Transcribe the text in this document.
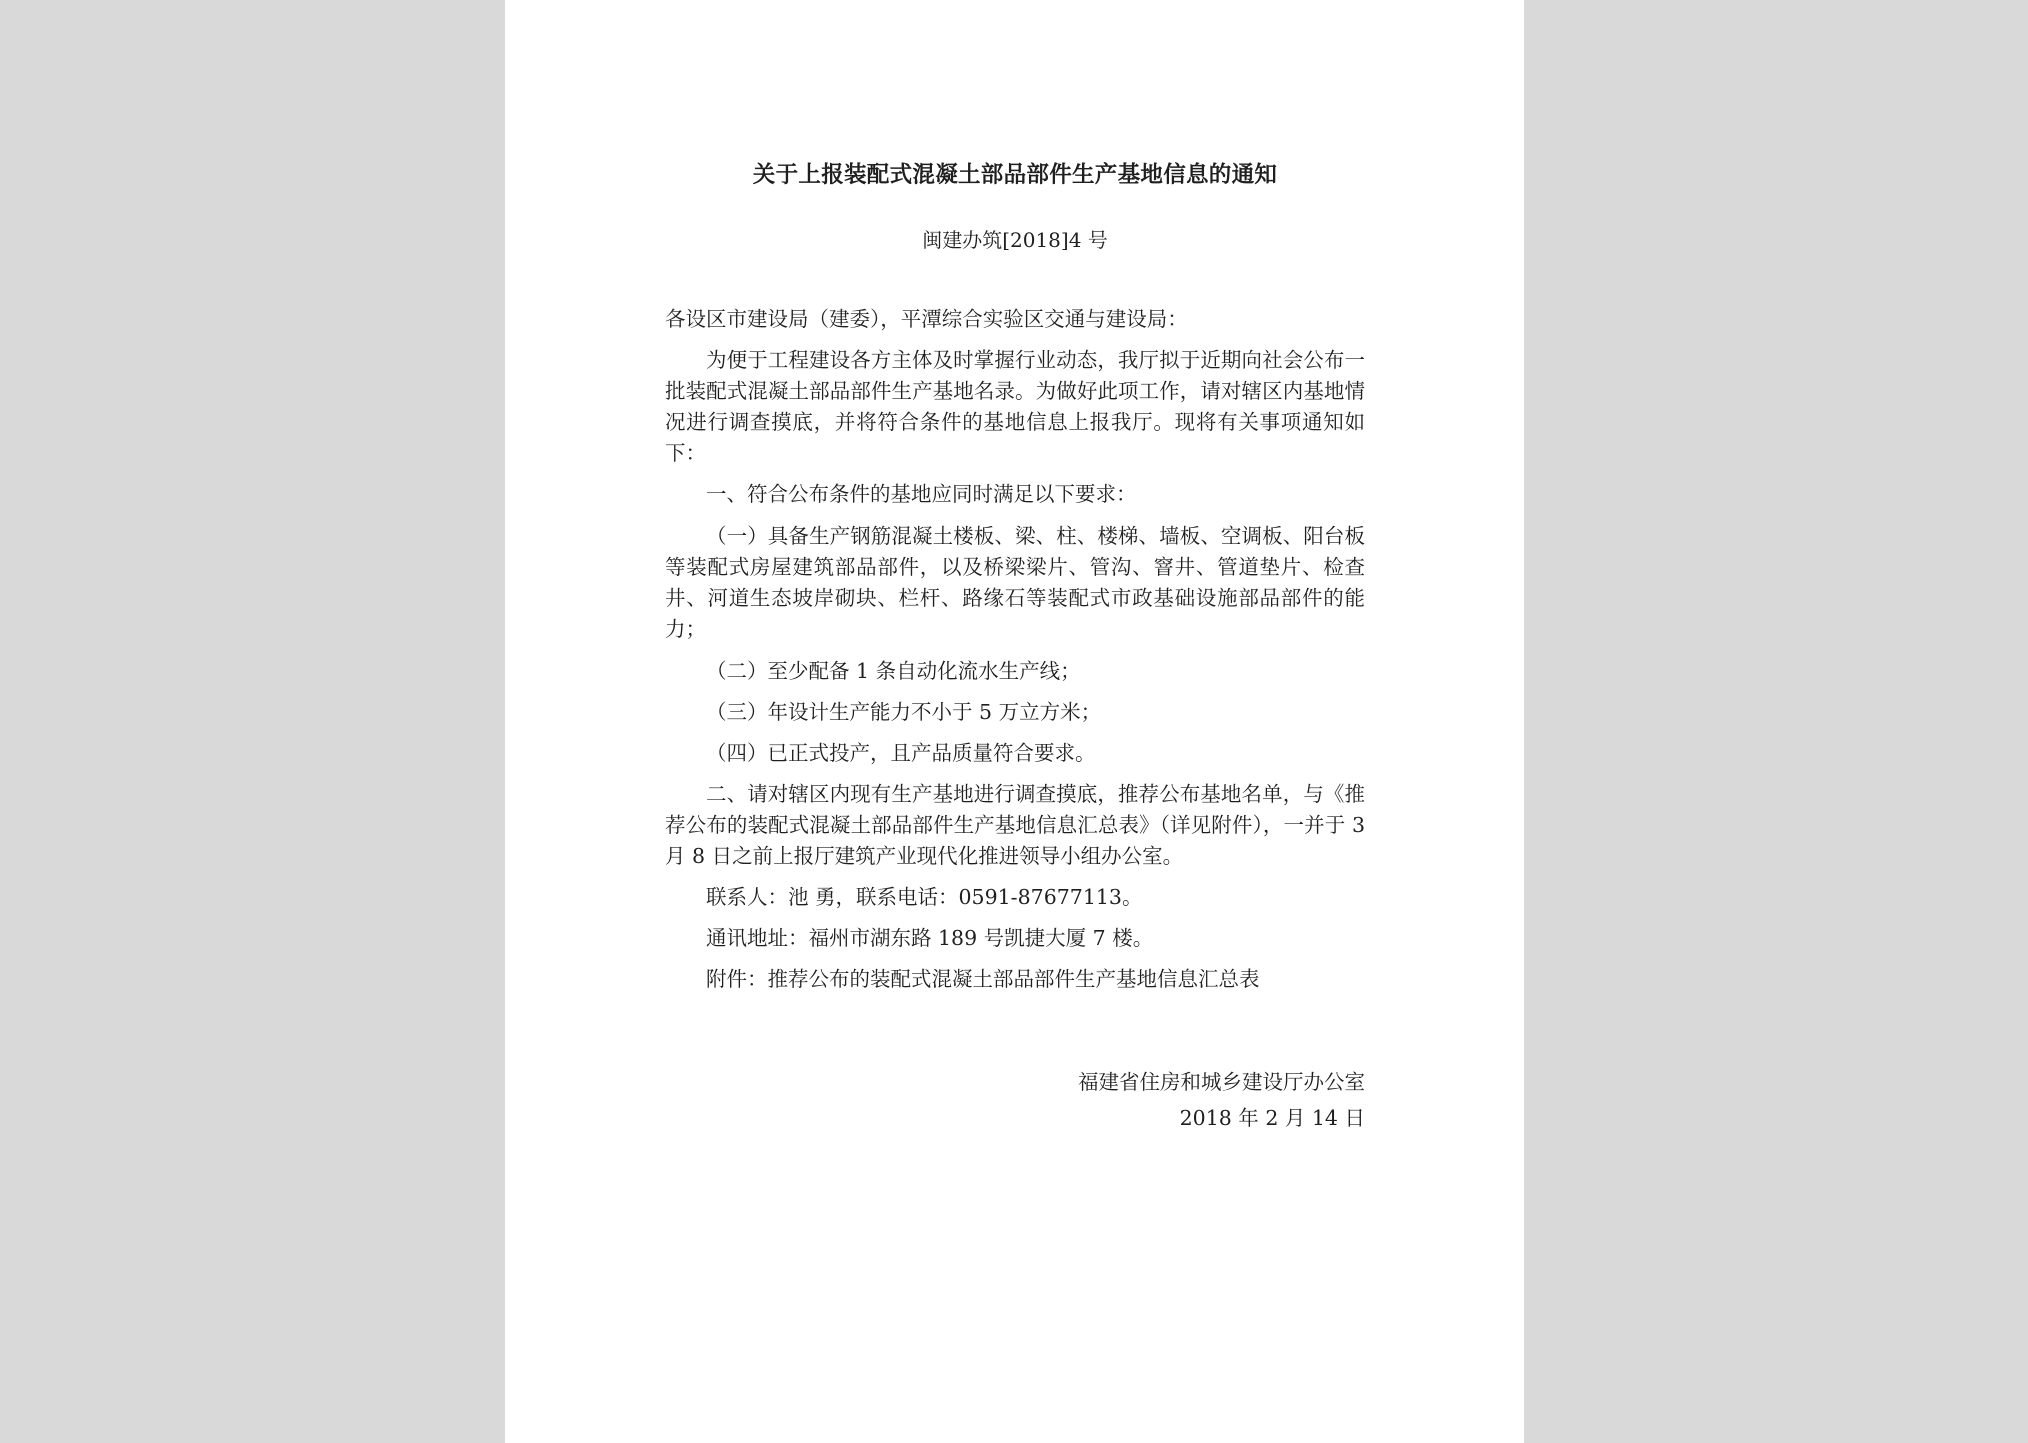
关于上报装配式混凝土部品部件生产基地信息的通知
闽建办筑[2018]4 号

各设区市建设局（建委），平潭综合实验区交通与建设局：

为便于工程建设各方主体及时掌握行业动态，我厅拟于近期向社会公布一批装配式混凝土部品部件生产基地名录。为做好此项工作，请对辖区内基地情况进行调查摸底，并将符合条件的基地信息上报我厅。现将有关事项通知如下：

一、符合公布条件的基地应同时满足以下要求：

（一）具备生产钢筋混凝土楼板、梁、柱、楼梯、墙板、空调板、阳台板等装配式房屋建筑部品部件，以及桥梁梁片、管沟、窨井、管道垫片、检查井、河道生态坡岸砌块、栏杆、路缘石等装配式市政基础设施部品部件的能力；

（二）至少配备 1 条自动化流水生产线；

（三）年设计生产能力不小于 5 万立方米；

（四）已正式投产，且产品质量符合要求。

二、请对辖区内现有生产基地进行调查摸底，推荐公布基地名单，与《推荐公布的装配式混凝土部品部件生产基地信息汇总表》（详见附件），一并于 3 月 8 日之前上报厅建筑产业现代化推进领导小组办公室。

联系人：池 勇，联系电话：0591-87677113。

通讯地址：福州市湖东路 189 号凯捷大厦 7 楼。

附件：推荐公布的装配式混凝土部品部件生产基地信息汇总表

福建省住房和城乡建设厅办公室
2018 年 2 月 14 日
